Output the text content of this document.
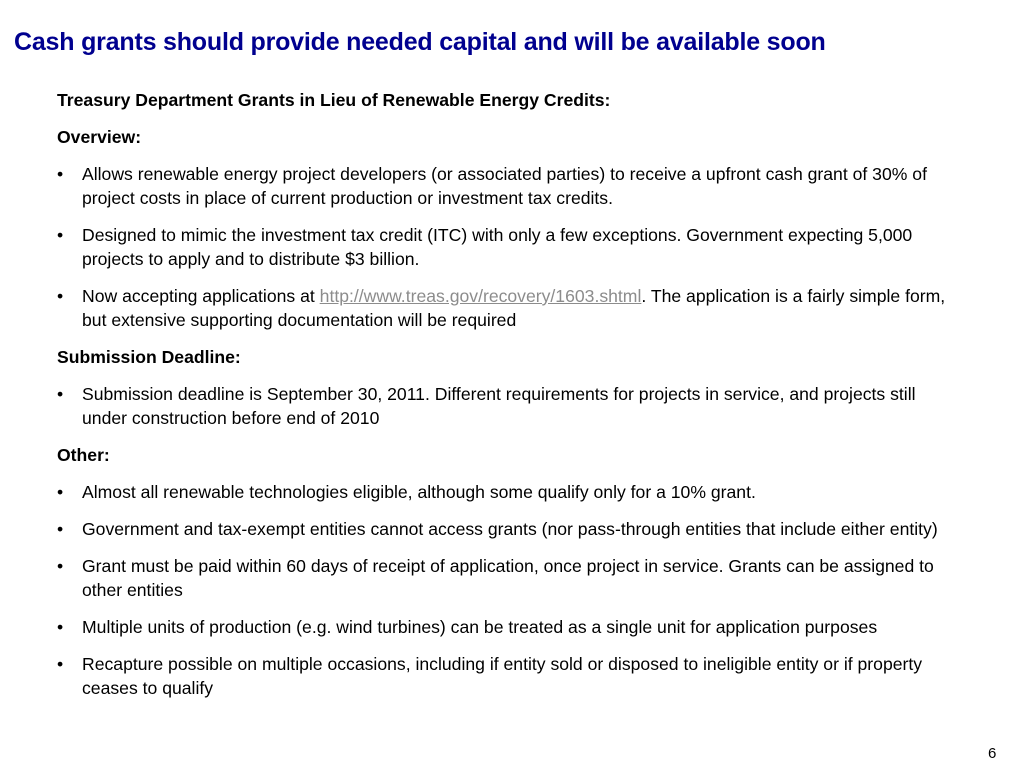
Cash grants should provide needed capital and will be available soon
Treasury Department Grants in Lieu of Renewable Energy Credits:
Overview:
• Allows renewable energy project developers (or associated parties) to receive a upfront cash grant of 30% of project costs in place of current production or investment tax credits.
• Designed to mimic the investment tax credit (ITC) with only a few exceptions. Government expecting 5,000 projects to apply and to distribute $3 billion.
• Now accepting applications at http://www.treas.gov/recovery/1603.shtml. The application is a fairly simple form, but extensive supporting documentation will be required
Submission Deadline:
• Submission deadline is September 30, 2011. Different requirements for projects in service, and projects still under construction before end of 2010
Other:
• Almost all renewable technologies eligible, although some qualify only for a 10% grant.
• Government and tax-exempt entities cannot access grants (nor pass-through entities that include either entity)
• Grant must be paid within 60 days of receipt of application, once project in service. Grants can be assigned to other entities
• Multiple units of production (e.g. wind turbines) can be treated as a single unit for application purposes
• Recapture possible on multiple occasions, including if entity sold or disposed to ineligible entity or if property ceases to qualify
6
